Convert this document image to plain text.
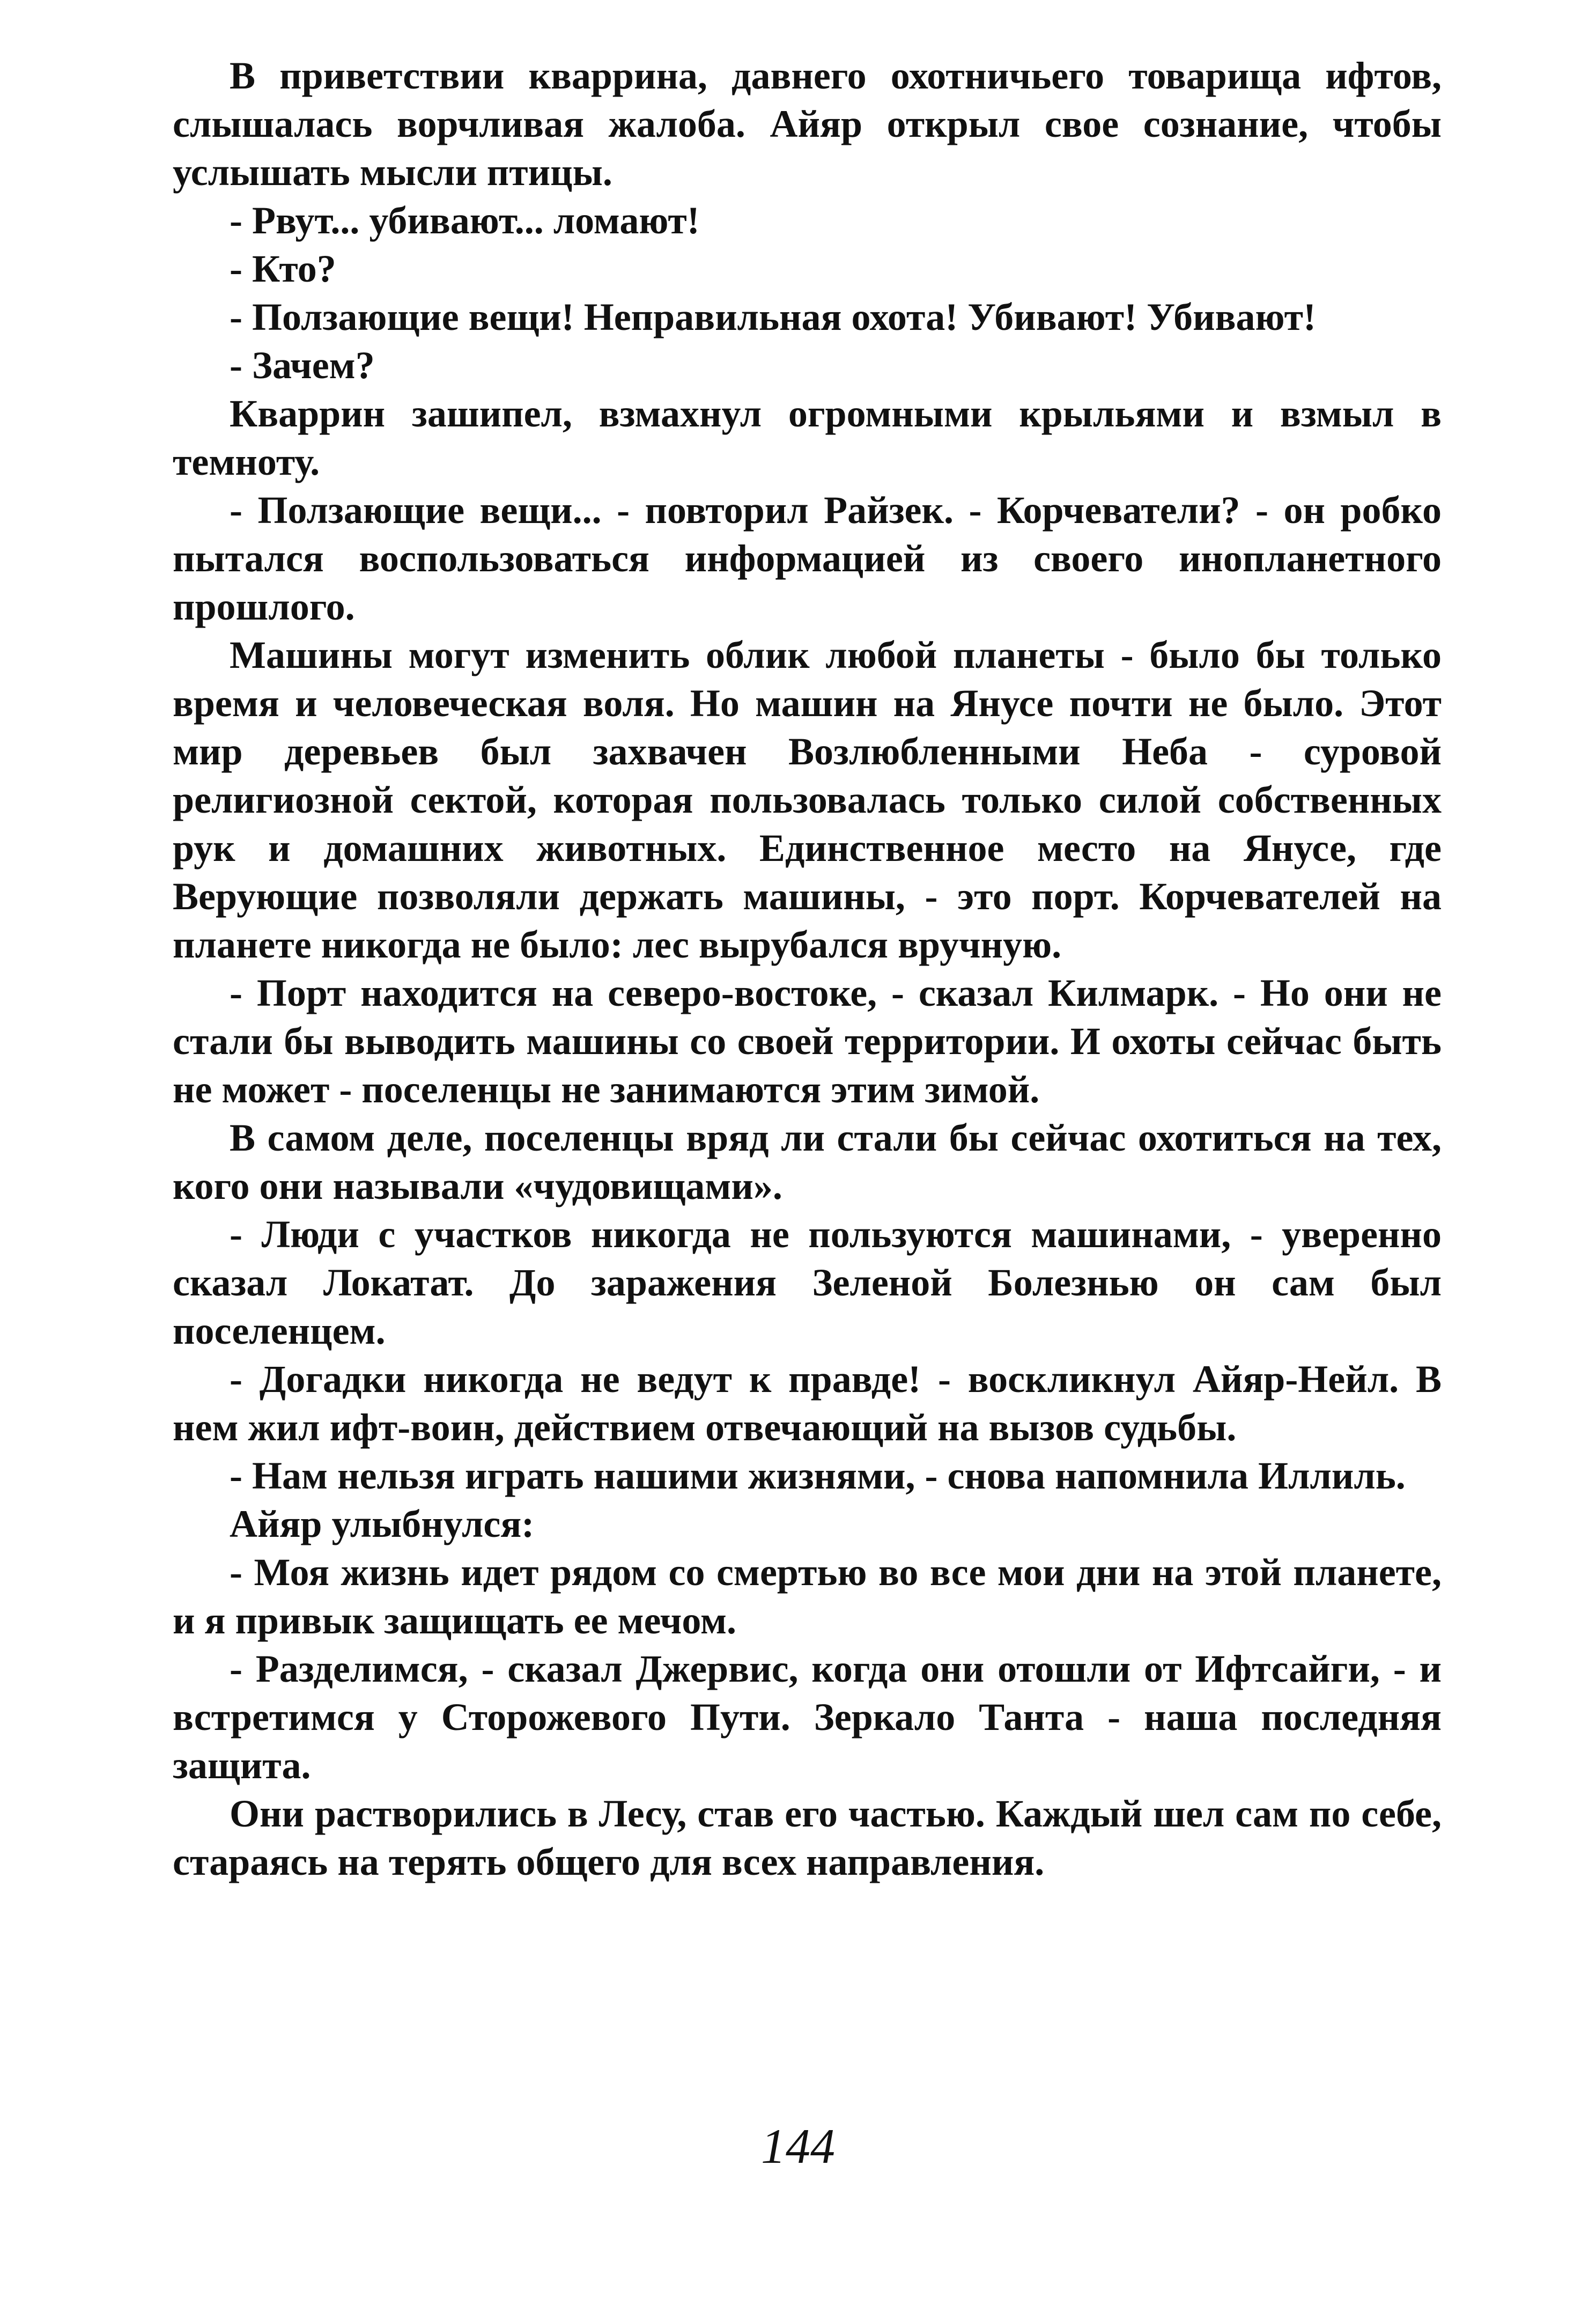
В приветствии кваррина, давнего охотничьего товарища ифтов, слышалась ворчливая жалоба. Айяр открыл свое сознание, чтобы услышать мысли птицы.

- Рвут... убивают... ломают!

- Кто?

- Ползающие вещи! Неправильная охота! Убивают! Убивают!

- Зачем?

Кваррин зашипел, взмахнул огромными крыльями и взмыл в темноту.

- Ползающие вещи... - повторил Райзек. - Корчеватели? - он робко пытался воспользоваться информацией из своего инопланетного прошлого.

Машины могут изменить облик любой планеты - было бы только время и человеческая воля. Но машин на Янусе почти не было. Этот мир деревьев был захвачен Возлюбленными Неба - суровой религиозной сектой, которая пользовалась только силой собственных рук и домашних животных. Единственное место на Янусе, где Верующие позволяли держать машины, - это порт. Корчевателей на планете никогда не было: лес вырубался вручную.

- Порт находится на северо-востоке, - сказал Килмарк. - Но они не стали бы выводить машины со своей территории. И охоты сейчас быть не может - поселенцы не занимаются этим зимой.

В самом деле, поселенцы вряд ли стали бы сейчас охотиться на тех, кого они называли «чудовищами».

- Люди с участков никогда не пользуются машинами, - уверенно сказал Локатат. До заражения Зеленой Болезнью он сам был поселенцем.

- Догадки никогда не ведут к правде! - воскликнул Айяр-Нейл. В нем жил ифт-воин, действием отвечающий на вызов судьбы.

- Нам нельзя играть нашими жизнями, - снова напомнила Иллиль.

Айяр улыбнулся:

- Моя жизнь идет рядом со смертью во все мои дни на этой планете, и я привык защищать ее мечом.

- Разделимся, - сказал Джервис, когда они отошли от Ифтсайги, - и встретимся у Сторожевого Пути. Зеркало Танта - наша последняя защита.

Они растворились в Лесу, став его частью. Каждый шел сам по себе, стараясь на терять общего для всех направления.

144
